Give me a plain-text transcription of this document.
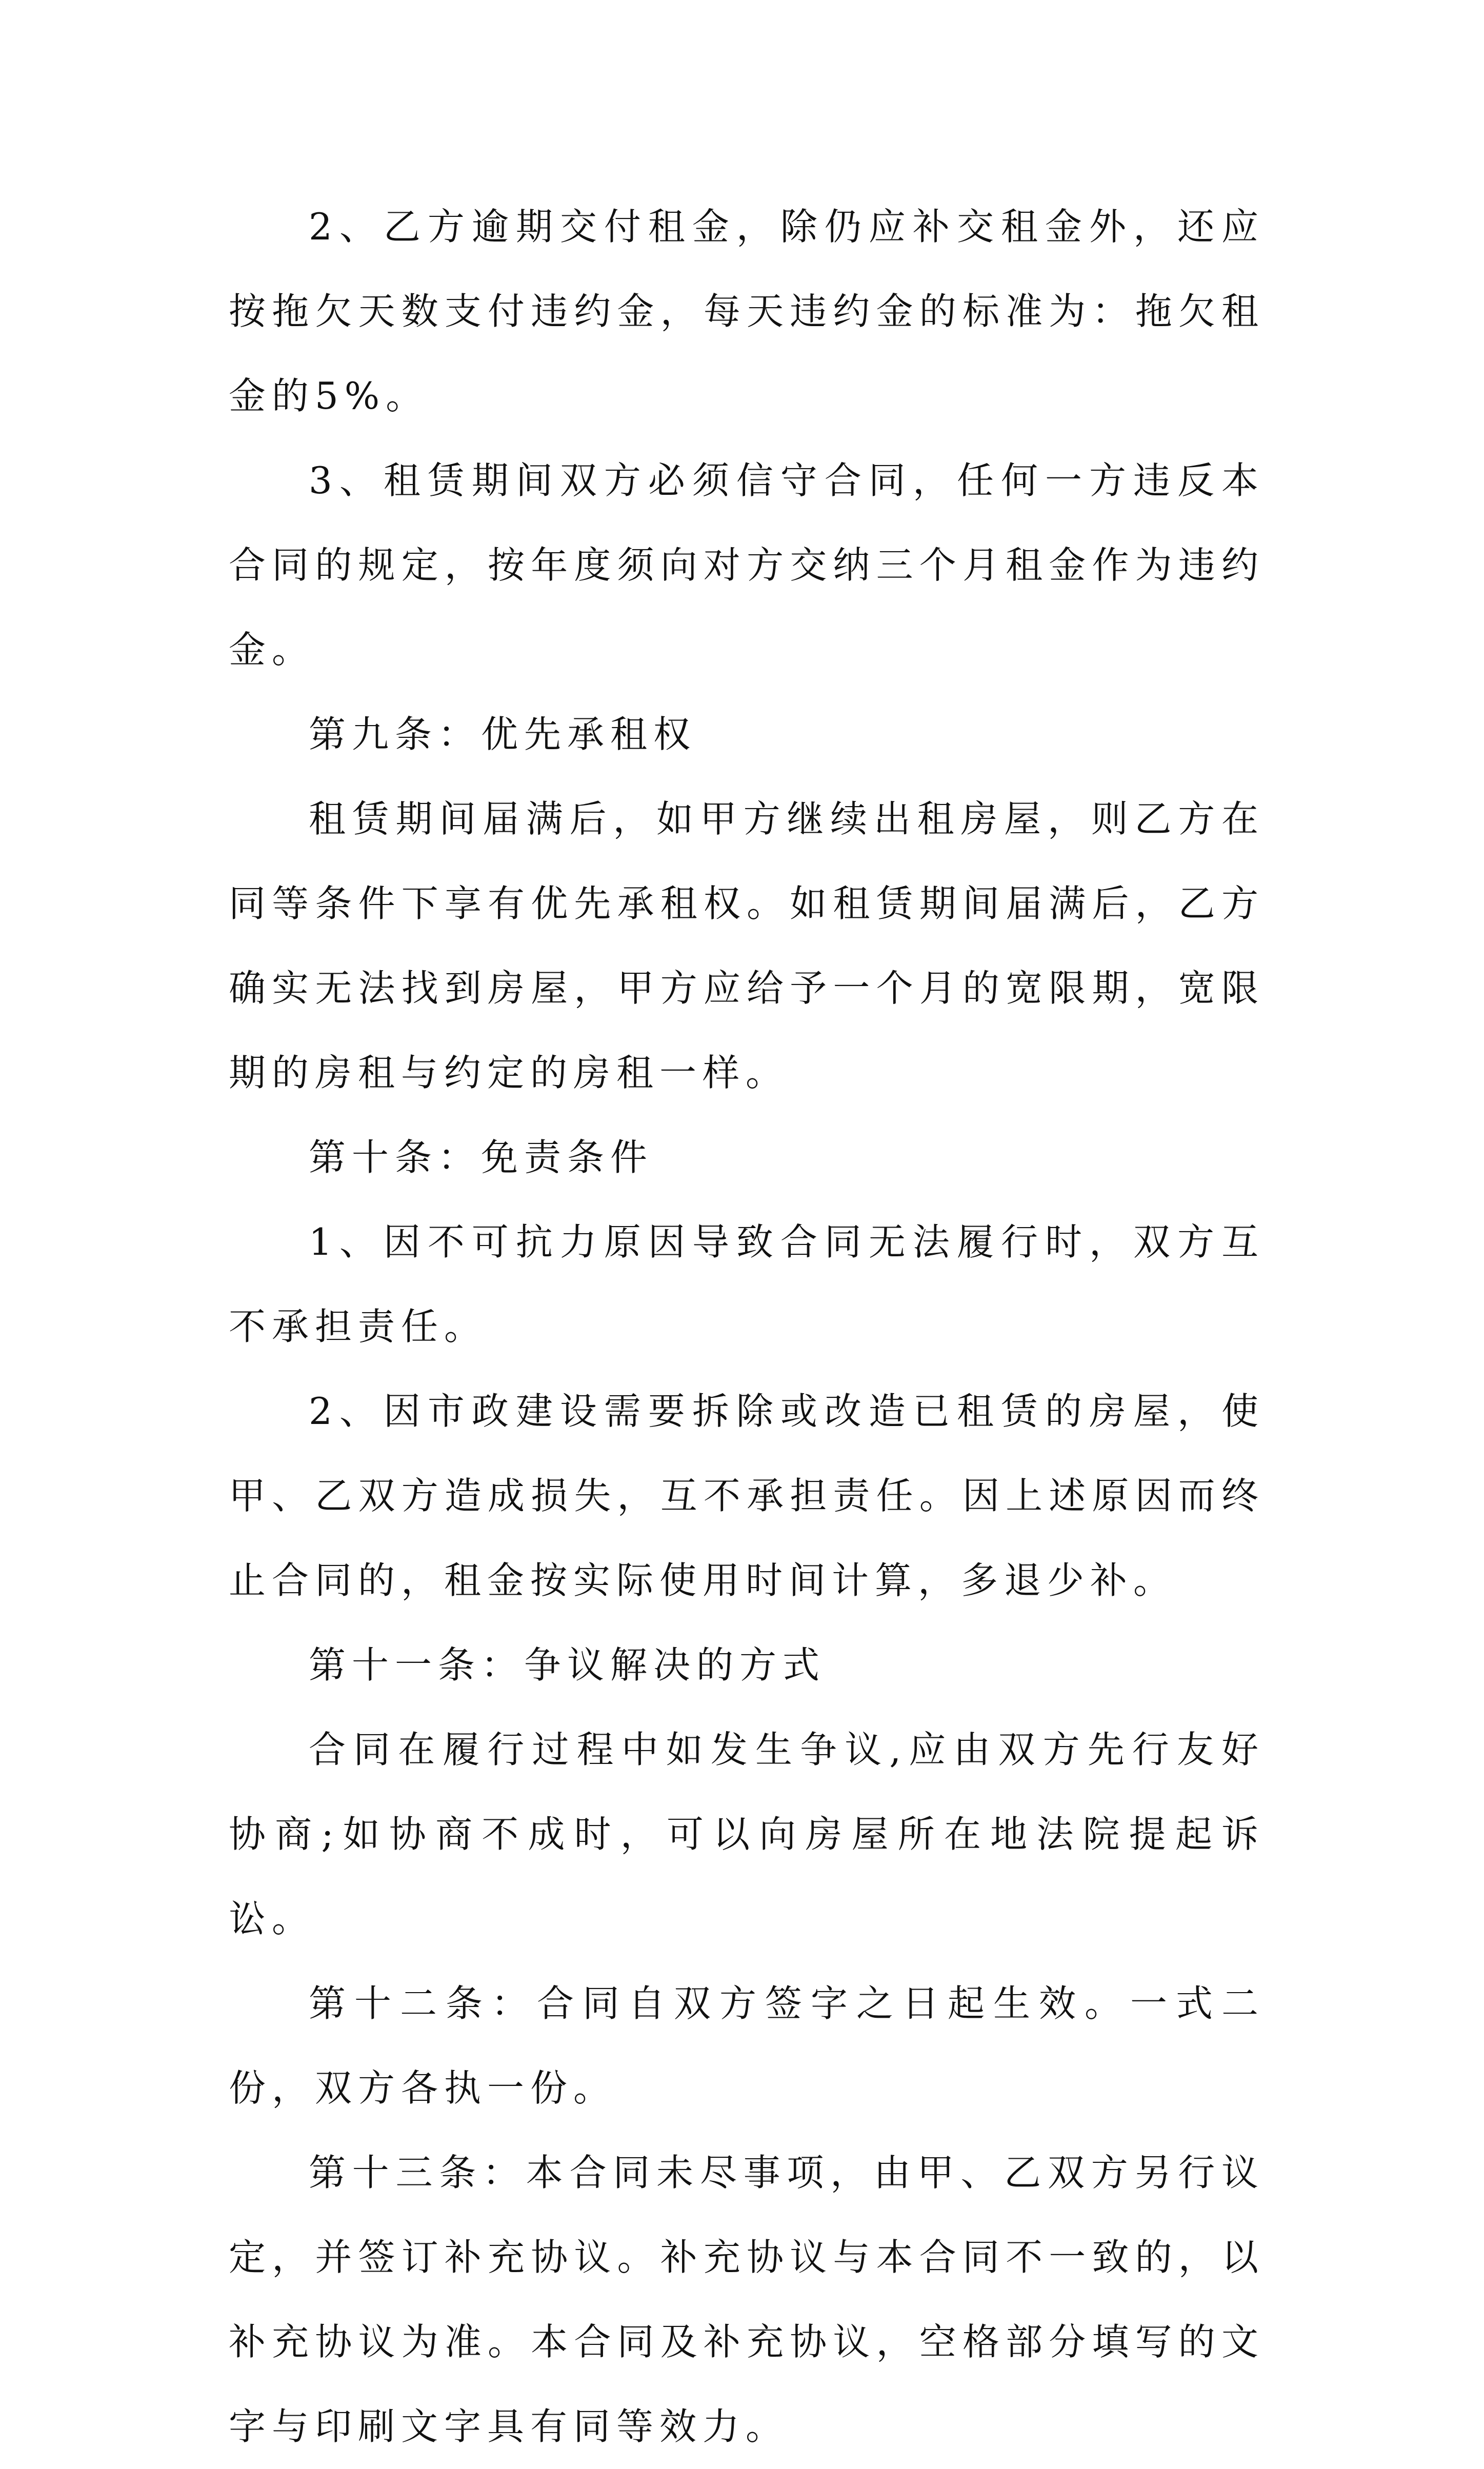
2、乙方逾期交付租金，除仍应补交租金外，还应按拖欠天数支付违约金，每天违约金的标准为：拖欠租金的5%。

3、租赁期间双方必须信守合同，任何一方违反本合同的规定，按年度须向对方交纳三个月租金作为违约金。

第九条：优先承租权

租赁期间届满后，如甲方继续出租房屋，则乙方在同等条件下享有优先承租权。如租赁期间届满后，乙方确实无法找到房屋，甲方应给予一个月的宽限期，宽限期的房租与约定的房租一样。

第十条：免责条件

1、因不可抗力原因导致合同无法履行时，双方互不承担责任。

2、因市政建设需要拆除或改造已租赁的房屋，使甲、乙双方造成损失，互不承担责任。因上述原因而终止合同的，租金按实际使用时间计算，多退少补。

第十一条：争议解决的方式

合同在履行过程中如发生争议,应由双方先行友好协商;如协商不成时，可以向房屋所在地法院提起诉讼。

第十二条：合同自双方签字之日起生效。一式二份，双方各执一份。

第十三条：本合同未尽事项，由甲、乙双方另行议定，并签订补充协议。补充协议与本合同不一致的，以补充协议为准。本合同及补充协议，空格部分填写的文字与印刷文字具有同等效力。
